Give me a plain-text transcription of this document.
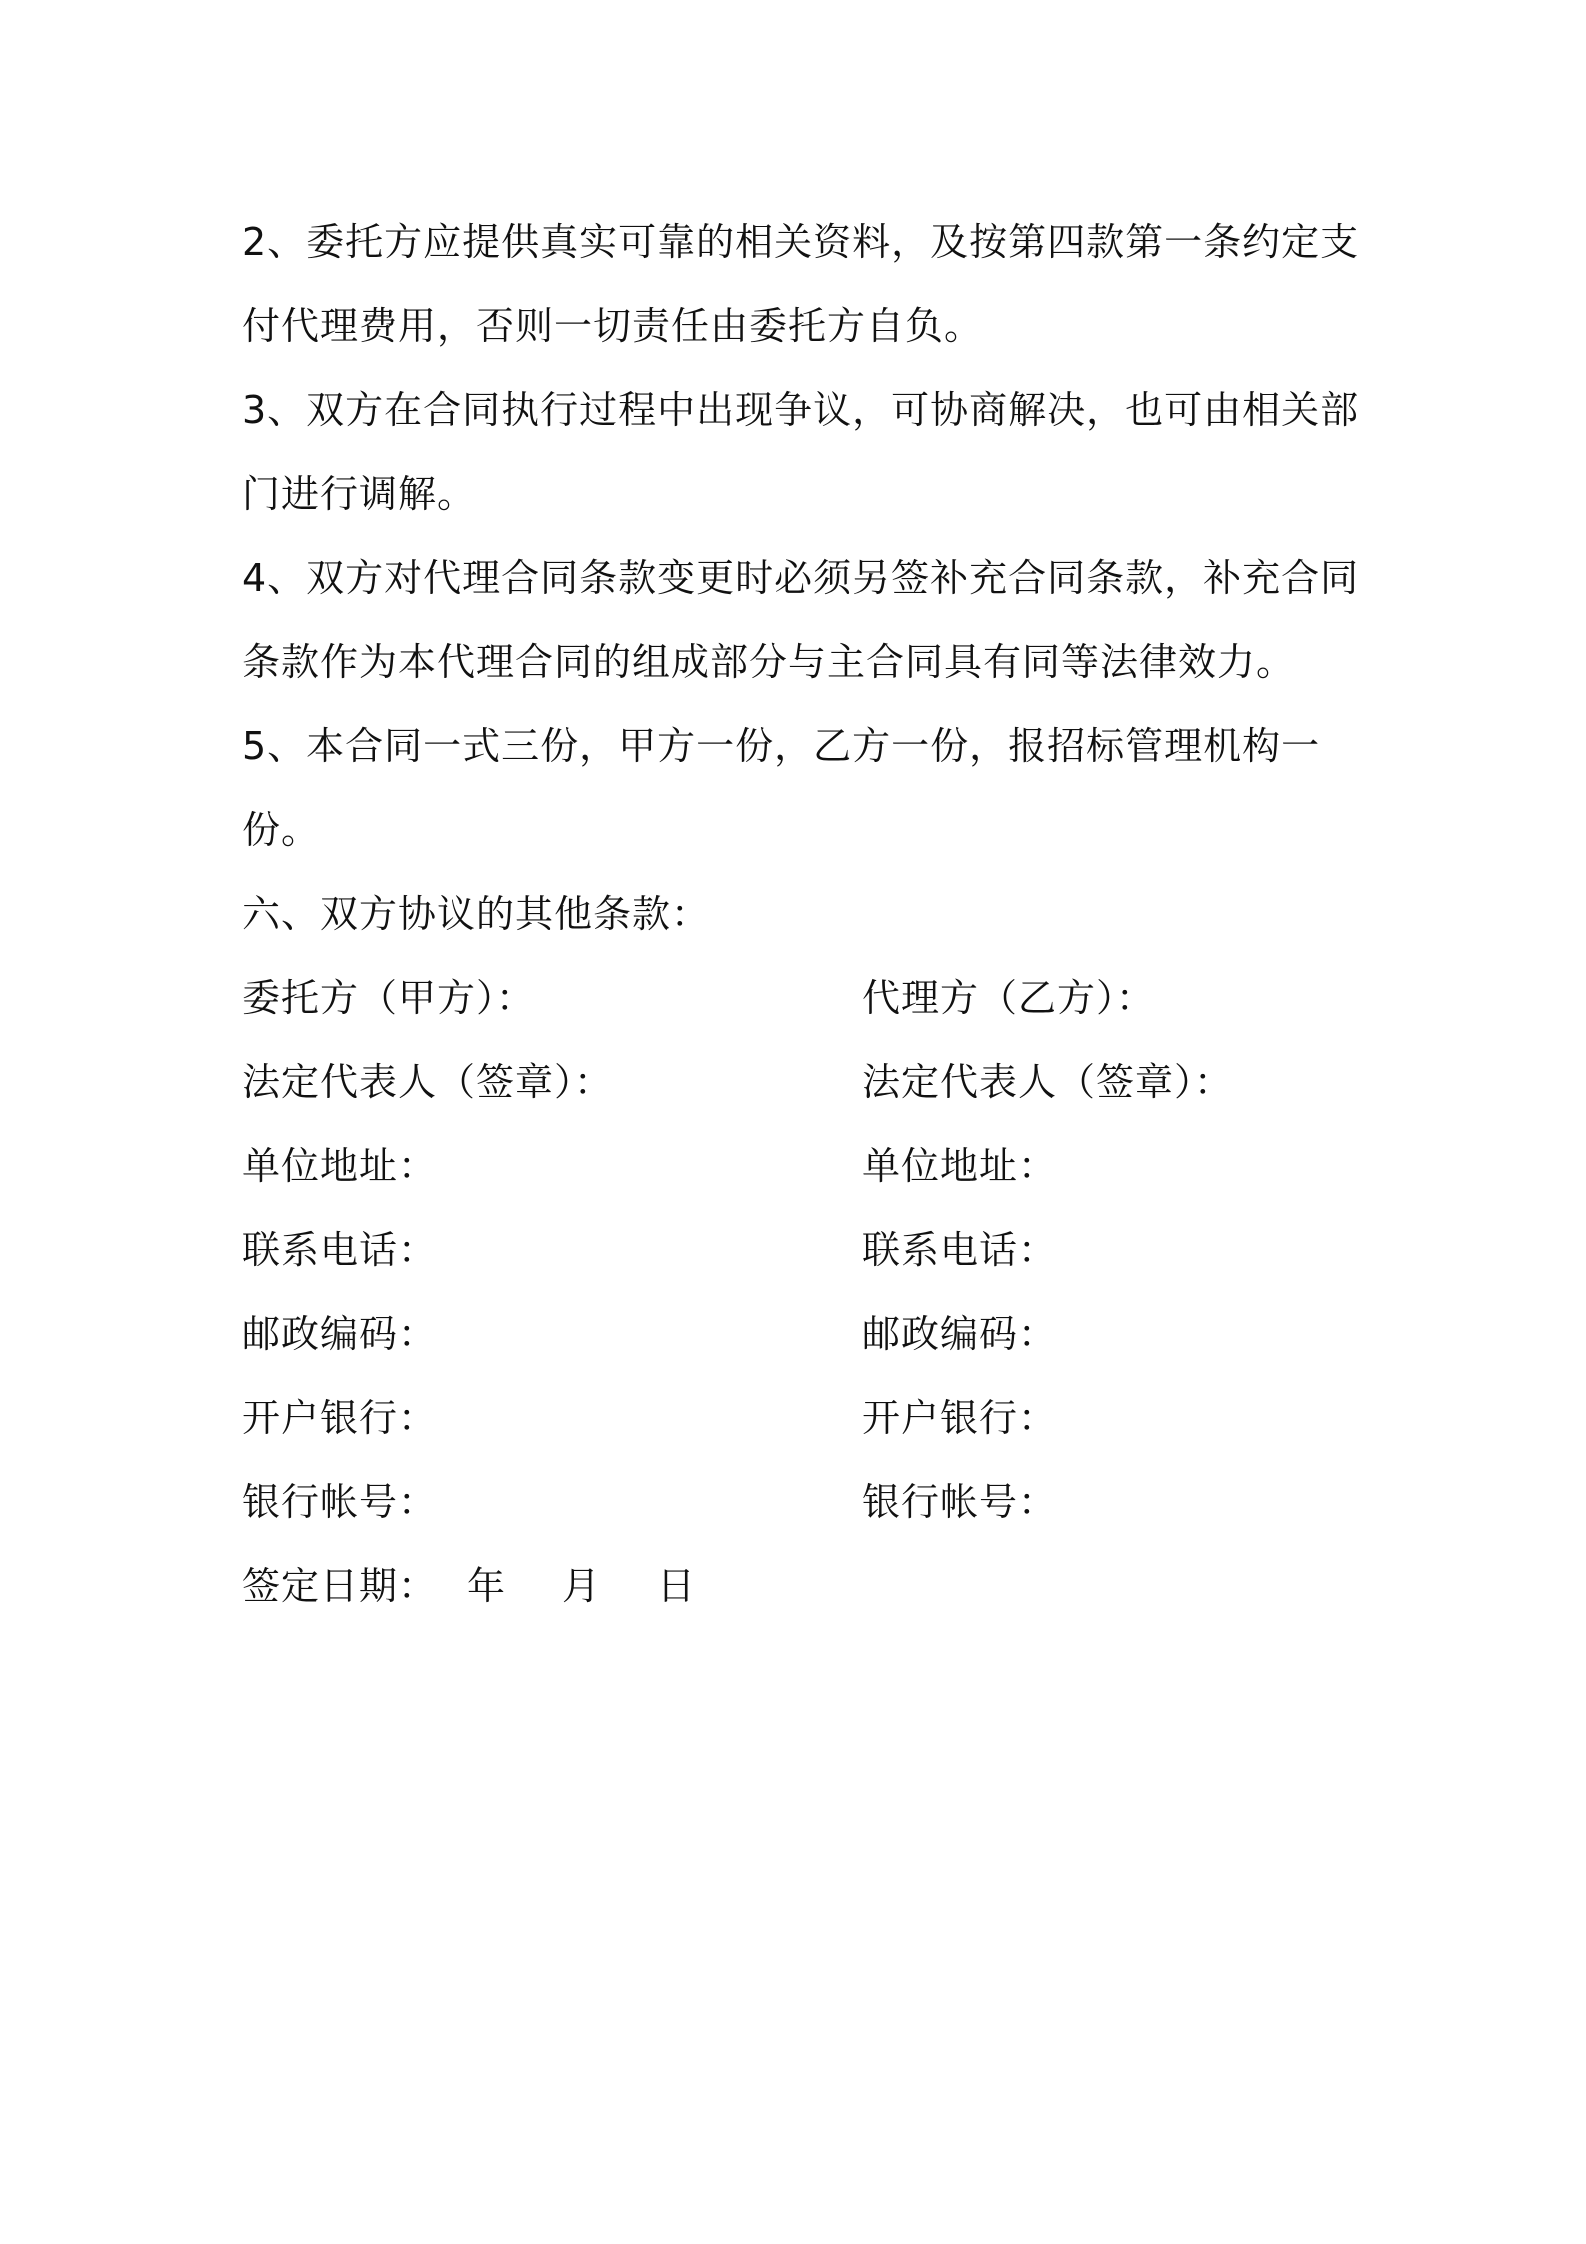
2、委托方应提供真实可靠的相关资料，及按第四款第一条约定支付代理费用，否则一切责任由委托方自负。

3、双方在合同执行过程中出现争议，可协商解决，也可由相关部门进行调解。

4、双方对代理合同条款变更时必须另签补充合同条款，补充合同条款作为本代理合同的组成部分与主合同具有同等法律效力。

5、本合同一式三份，甲方一份，乙方一份，报招标管理机构一份。

六、双方协议的其他条款：

委托方（甲方）：	代理方（乙方）：
法定代表人（签章）：	法定代表人（签章）：
单位地址：	单位地址：
联系电话：	联系电话：
邮政编码：	邮政编码：
开户银行：	开户银行：
银行帐号：	银行帐号：
签定日期： 年	月	日
